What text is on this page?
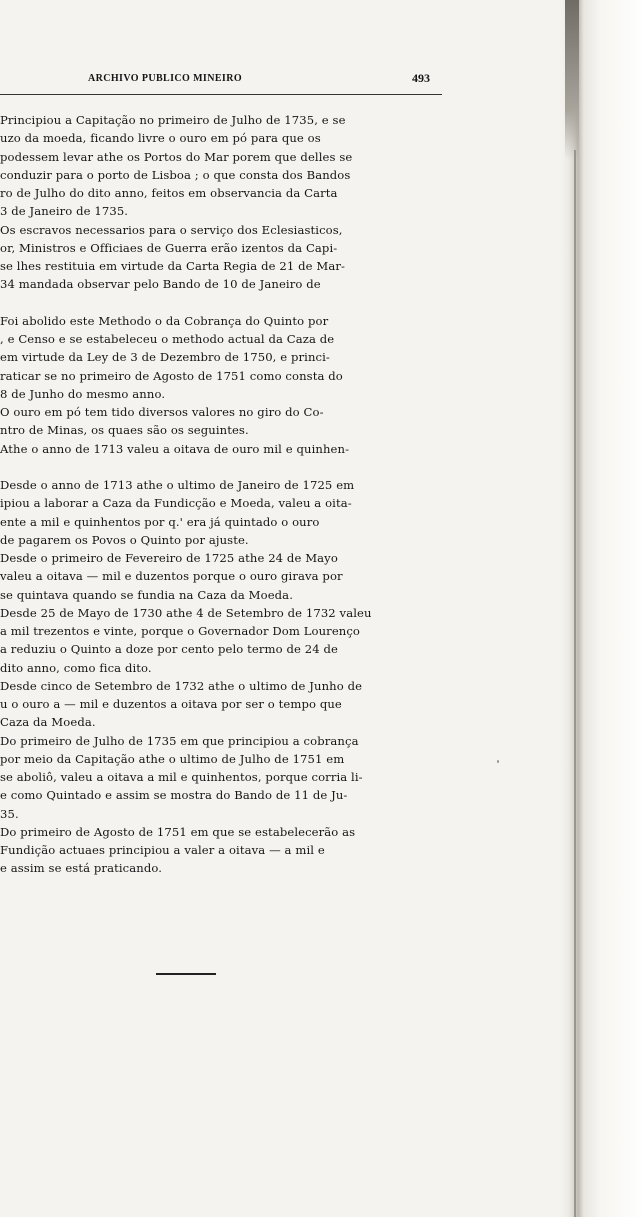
ARCHIVO PUBLICO MINEIRO	493
Principiou a Capitação no primeiro de Julho de 1735, e se
uzo da moeda, ficando livre o ouro em pó para que os
podessem levar athe os Portos do Mar porem que delles se
conduzir para o porto de Lisboa ; o que consta dos Bandos
ro de Julho do dito anno, feitos em observancia da Carta
3 de Janeiro de 1735.
Os escravos necessarios para o serviço dos Eclesiasticos,
or, Ministros e Officiaes de Guerra erão izentos da Capi-
se lhes restituia em virtude da Carta Regia de 21 de Mar-
34 mandada observar pelo Bando de 10 de Janeiro de
Foi abolido este Methodo o da Cobrança do Quinto por
, e Censo e se estabeleceu o methodo actual da Caza de
em virtude da Ley de 3 de Dezembro de 1750, e princi-
raticar se no primeiro de Agosto de 1751 como consta do
8 de Junho do mesmo anno.
O ouro em pó tem tido diversos valores no giro do Co-
ntro de Minas, os quaes são os seguintes.
Athe o anno de 1713 valeu a oitava de ouro mil e quinhen-
Desde o anno de 1713 athe o ultimo de Janeiro de 1725 em
ipiou a laborar a Caza da Fundicção e Moeda, valeu a oita-
ente a mil e quinhentos por q.' era já quintado o ouro
de pagarem os Povos o Quinto por ajuste.
Desde o primeiro de Fevereiro de 1725 athe 24 de Mayo
valeu a oitava — mil e duzentos porque o ouro girava por
se quintava quando se fundia na Caza da Moeda.
Desde 25 de Mayo de 1730 athe 4 de Setembro de 1732 valeu
a mil trezentos e vinte, porque o Governador Dom Lourenço
a reduziu o Quinto a doze por cento pelo termo de 24 de
dito anno, como fica dito.
Desde cinco de Setembro de 1732 athe o ultimo de Junho de
u o ouro a — mil e duzentos a oitava por ser o tempo que
Caza da Moeda.
Do primeiro de Julho de 1735 em que principiou a cobrança
por meio da Capitação athe o ultimo de Julho de 1751 em
se aboliô, valeu a oitava a mil e quinhentos, porque corria li-
e como Quintado e assim se mostra do Bando de 11 de Ju-
35.
Do primeiro de Agosto de 1751 em que se estabelecerão as
Fundição actuaes principiou a valer a oitava — a mil e
e assim se está praticando.
